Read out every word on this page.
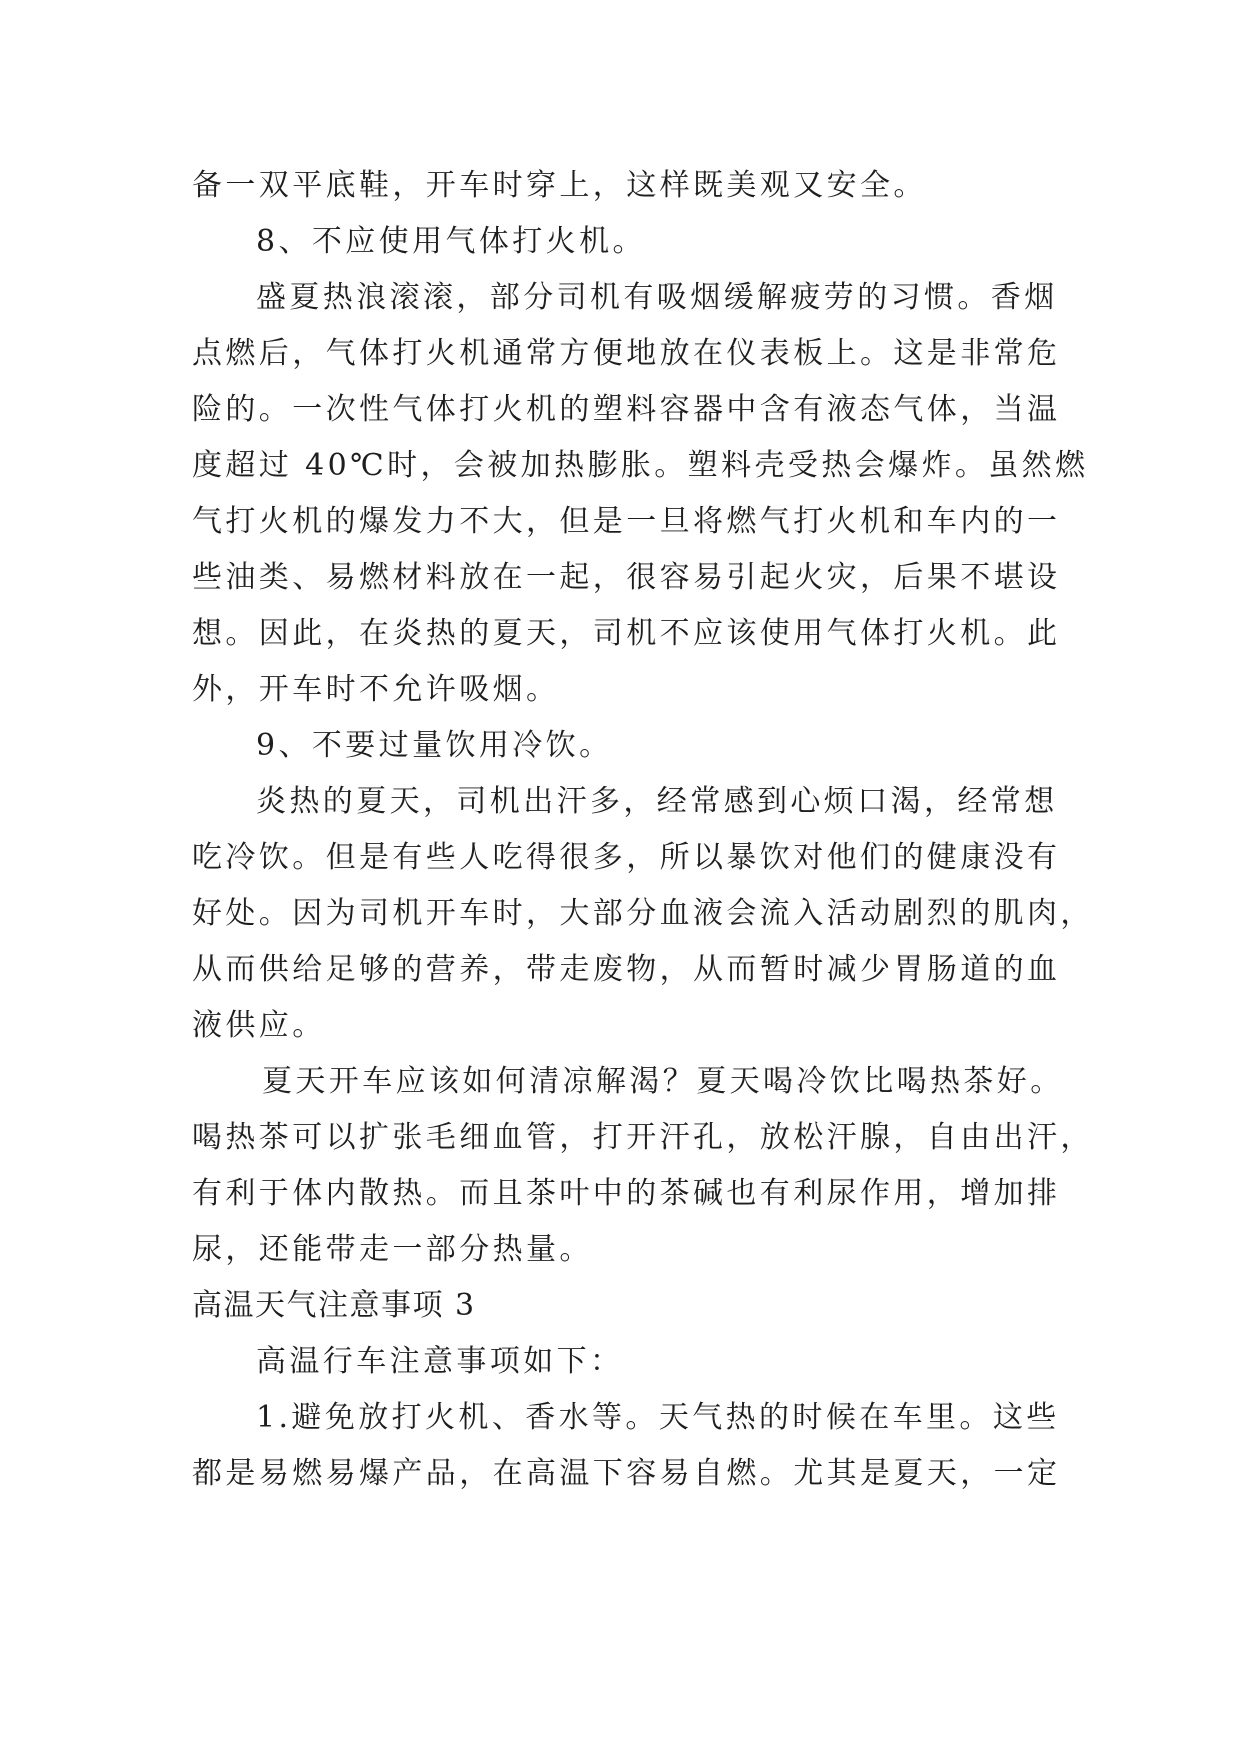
备一双平底鞋，开车时穿上，这样既美观又安全。
8、不应使用气体打火机。
盛夏热浪滚滚，部分司机有吸烟缓解疲劳的习惯。香烟
点燃后，气体打火机通常方便地放在仪表板上。这是非常危
险的。一次性气体打火机的塑料容器中含有液态气体，当温
度超过 40℃时，会被加热膨胀。塑料壳受热会爆炸。虽然燃
气打火机的爆发力不大，但是一旦将燃气打火机和车内的一
些油类、易燃材料放在一起，很容易引起火灾，后果不堪设
想。因此，在炎热的夏天，司机不应该使用气体打火机。此
外，开车时不允许吸烟。
9、不要过量饮用冷饮。
炎热的夏天，司机出汗多，经常感到心烦口渴，经常想
吃冷饮。但是有些人吃得很多，所以暴饮对他们的健康没有
好处。因为司机开车时，大部分血液会流入活动剧烈的肌肉，
从而供给足够的营养，带走废物，从而暂时减少胃肠道的血
液供应。
夏天开车应该如何清凉解渴？夏天喝冷饮比喝热茶好。
喝热茶可以扩张毛细血管，打开汗孔，放松汗腺，自由出汗，
有利于体内散热。而且茶叶中的茶碱也有利尿作用，增加排
尿，还能带走一部分热量。
高温天气注意事项 3
高温行车注意事项如下：
1.避免放打火机、香水等。天气热的时候在车里。这些
都是易燃易爆产品，在高温下容易自燃。尤其是夏天，一定
